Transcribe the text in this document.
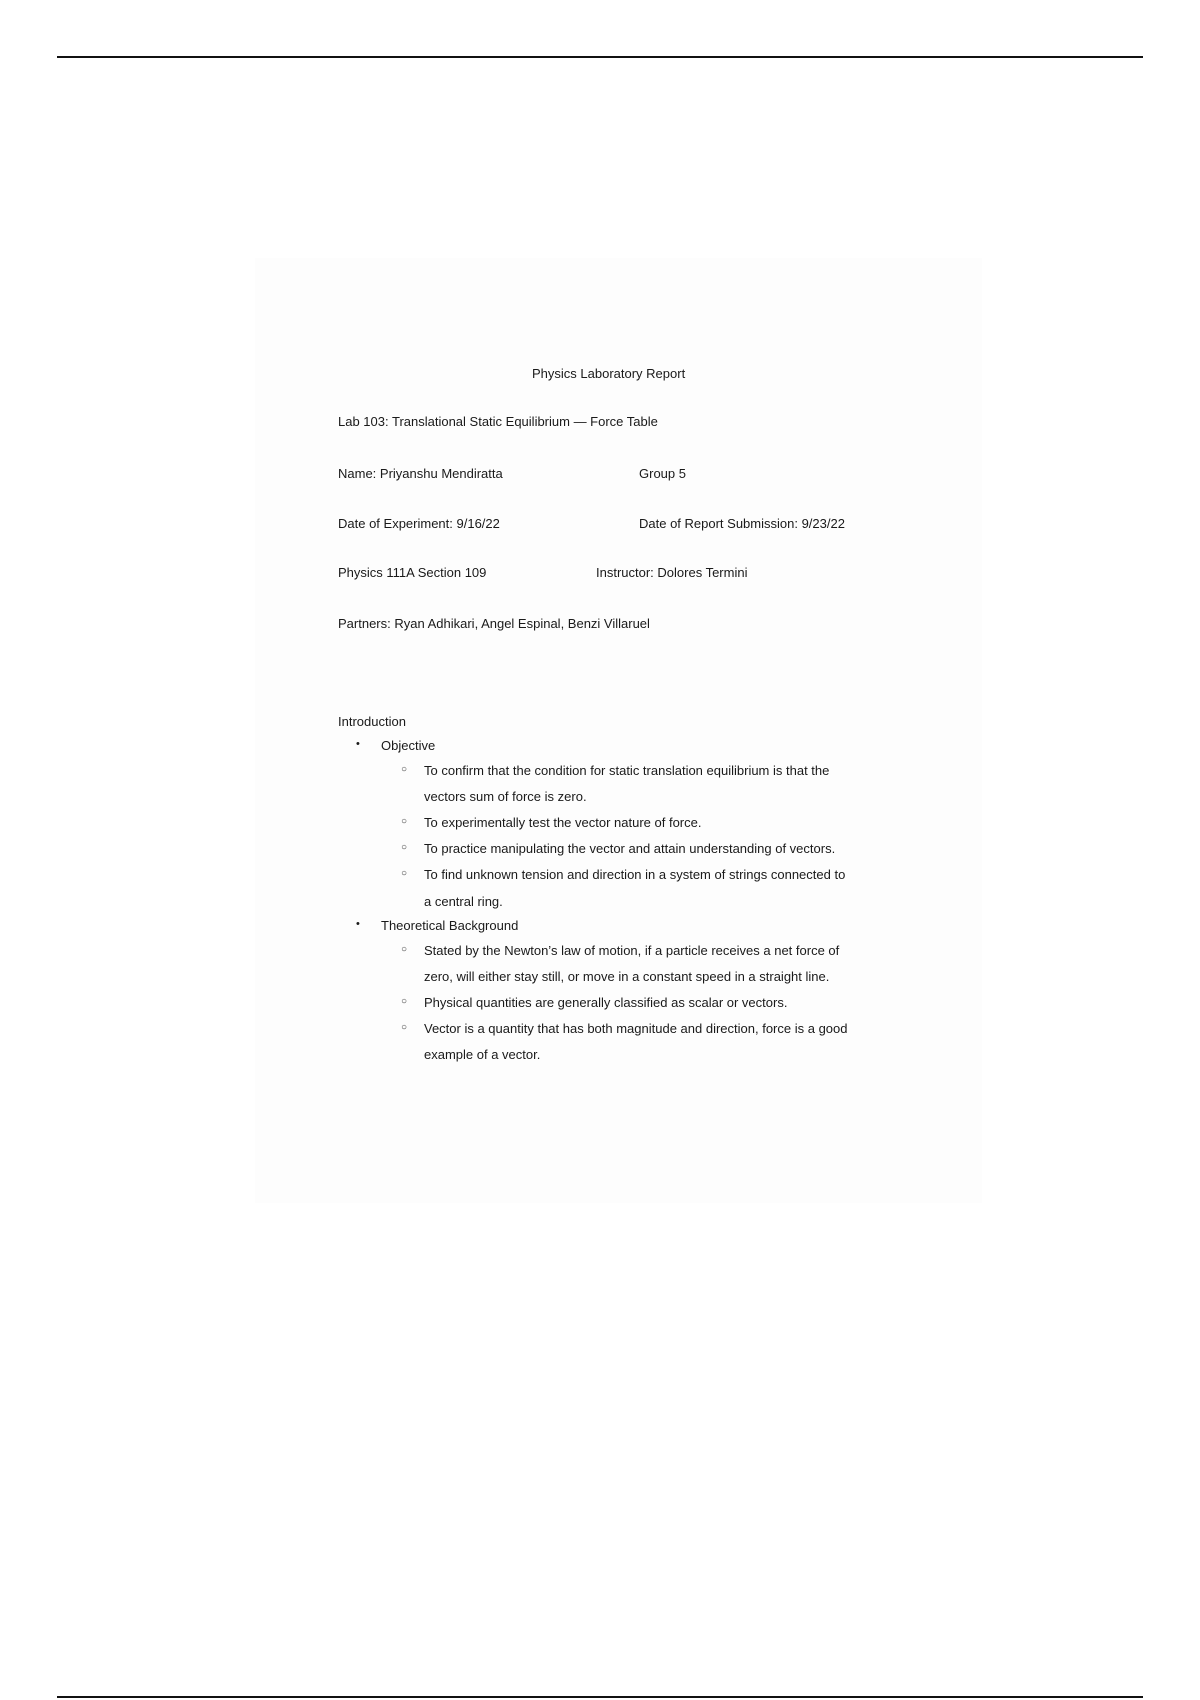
Physics Laboratory Report
Lab 103: Translational Static Equilibrium — Force Table
Name: Priyanshu Mendiratta	Group 5
Date of Experiment: 9/16/22	Date of Report Submission: 9/23/22
Physics 111A Section 109	Instructor: Dolores Termini
Partners: Ryan Adhikari, Angel Espinal, Benzi Villaruel
Introduction
• Objective
○ To confirm that the condition for static translation equilibrium is that the
vectors sum of force is zero.
○ To experimentally test the vector nature of force.
○ To practice manipulating the vector and attain understanding of vectors.
○ To find unknown tension and direction in a system of strings connected to
a central ring.
• Theoretical Background
○ Stated by the Newton’s law of motion, if a particle receives a net force of
zero, will either stay still, or move in a constant speed in a straight line.
○ Physical quantities are generally classified as scalar or vectors.
○ Vector is a quantity that has both magnitude and direction, force is a good
example of a vector.
